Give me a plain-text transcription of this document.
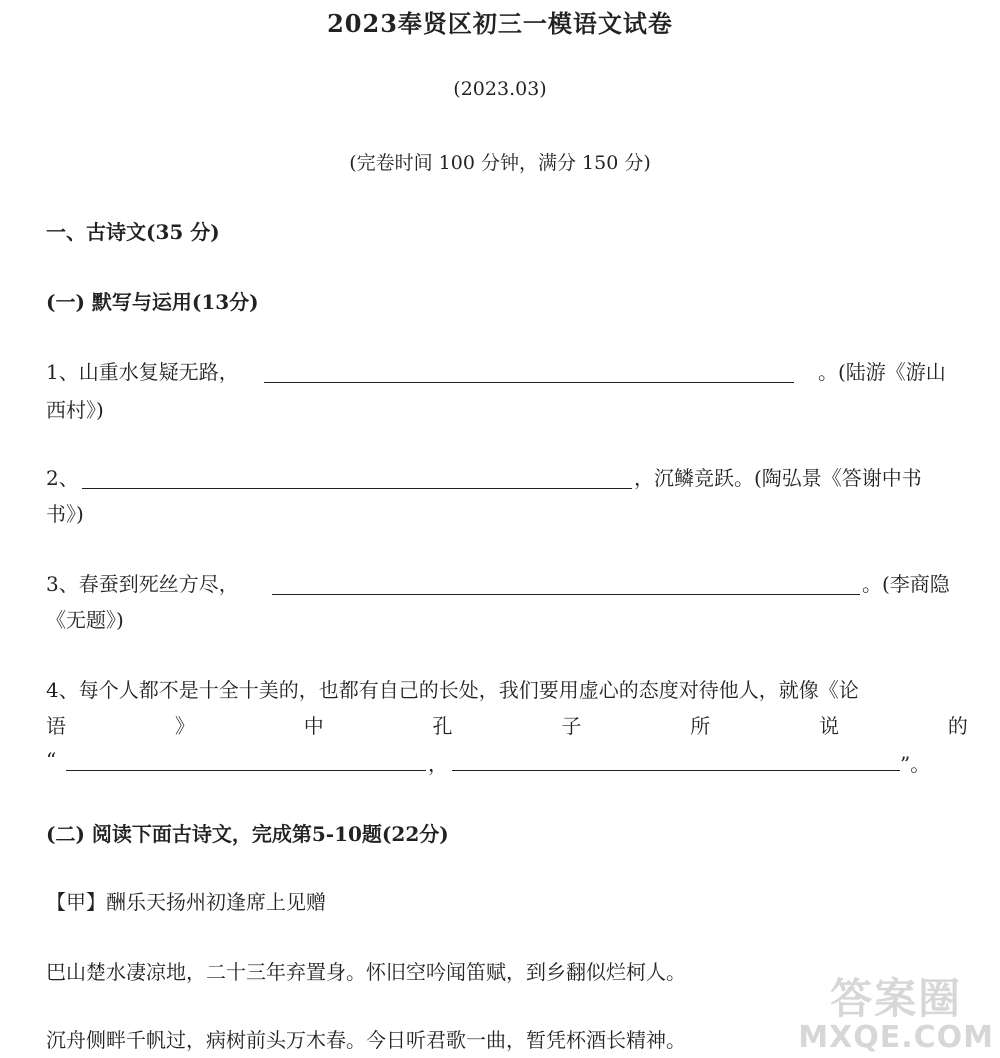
2023奉贤区初三一模语文试卷
(2023.03)
(完卷时间 100 分钟，满分 150 分)
一、古诗文(35 分)
(一) 默写与运用(13分)
1、山重水复疑无路，	。(陆游《游山
西村》)
2、	，沉鳞竞跃。(陶弘景《答谢中书
书》)
3、春蚕到死丝方尽，	。(李商隐
《无题》)
4、每个人都不是十全十美的，也都有自己的长处，我们要用虚心的态度对待他人，就像《论
语	》	中	孔	子	所	说	的
“	，	”。
(二) 阅读下面古诗文，完成第5-10题(22分)
【甲】酬乐天扬州初逢席上见赠
巴山楚水凄凉地，二十三年弃置身。怀旧空吟闻笛赋，到乡翻似烂柯人。
沉舟侧畔千帆过，病树前头万木春。今日听君歌一曲，暂凭杯酒长精神。
答案圈
MXQE.COM
